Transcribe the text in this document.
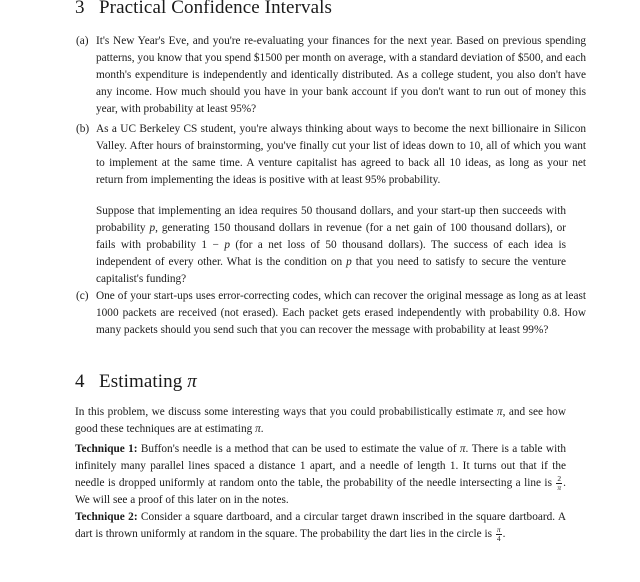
3 Practical Confidence Intervals

(a) It's New Year's Eve, and you're re-evaluating your finances for the next year. Based on previous spending patterns, you know that you spend $1500 per month on average, with a standard deviation of $500, and each month's expenditure is independently and identically distributed. As a college student, you also don't have any income. How much should you have in your bank account if you don't want to run out of money this year, with probability at least 95%?

(b) As a UC Berkeley CS student, you're always thinking about ways to become the next billionaire in Silicon Valley. After hours of brainstorming, you've finally cut your list of ideas down to 10, all of which you want to implement at the same time. A venture capitalist has agreed to back all 10 ideas, as long as your net return from implementing the ideas is positive with at least 95% probability.

Suppose that implementing an idea requires 50 thousand dollars, and your start-up then succeeds with probability p, generating 150 thousand dollars in revenue (for a net gain of 100 thousand dollars), or fails with probability 1 − p (for a net loss of 50 thousand dollars). The success of each idea is independent of every other. What is the condition on p that you need to satisfy to secure the venture capitalist's funding?

(c) One of your start-ups uses error-correcting codes, which can recover the original message as long as at least 1000 packets are received (not erased). Each packet gets erased independently with probability 0.8. How many packets should you send such that you can recover the message with probability at least 99%?

4 Estimating π

In this problem, we discuss some interesting ways that you could probabilistically estimate π, and see how good these techniques are at estimating π.

Technique 1: Buffon's needle is a method that can be used to estimate the value of π. There is a table with infinitely many parallel lines spaced a distance 1 apart, and a needle of length 1. It turns out that if the needle is dropped uniformly at random onto the table, the probability of the needle intersecting a line is $\frac{2}{\pi}$ . We will see a proof of this later on in the notes.

Technique 2: Consider a square dartboard, and a circular target drawn inscribed in the square dartboard. A dart is thrown uniformly at random in the square. The probability the dart lies in the circle is $\frac{\pi}{4}$ .
